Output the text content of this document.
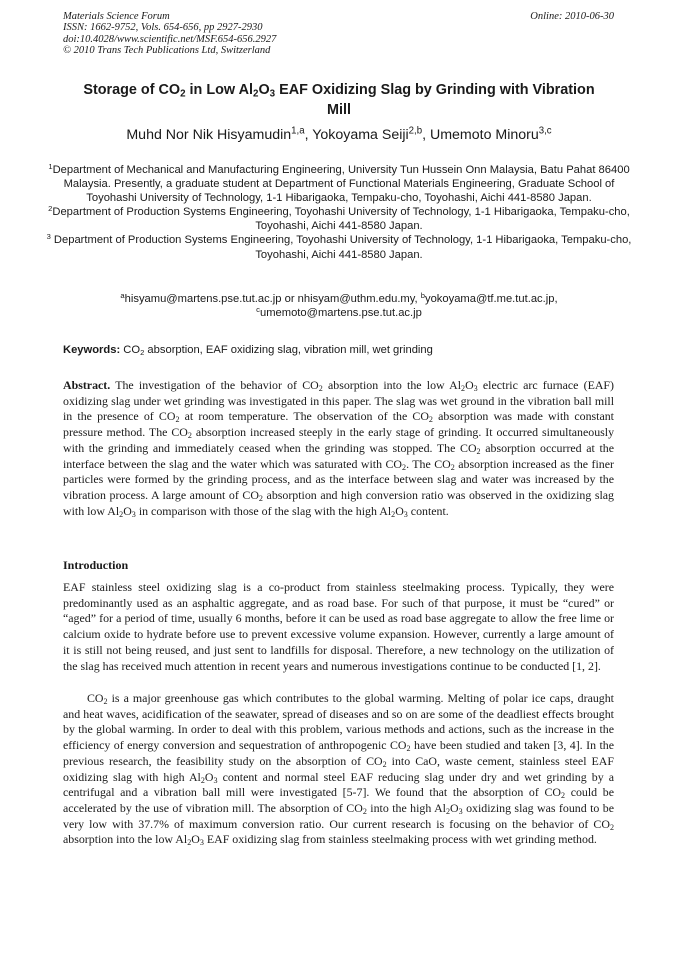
Materials Science Forum
ISSN: 1662-9752, Vols. 654-656, pp 2927-2930
doi:10.4028/www.scientific.net/MSF.654-656.2927
© 2010 Trans Tech Publications Ltd, Switzerland
Online: 2010-06-30
Storage of $CO_2$ in Low $Al_2O_3$ EAF Oxidizing Slag by Grinding with Vibration Mill
Muhd Nor Nik Hisyamudin$^{1,a}$, Yokoyama Seiji$^{2,b}$, Umemoto Minoru$^{3,c}$
$^1$Department of Mechanical and Manufacturing Engineering, University Tun Hussein Onn Malaysia, Batu Pahat 86400 Malaysia. Presently, a graduate student at Department of Functional Materials Engineering, Graduate School of Toyohashi University of Technology, 1-1 Hibarigaoka, Tempaku-cho, Toyohashi, Aichi 441-8580 Japan.
$^2$Department of Production Systems Engineering, Toyohashi University of Technology, 1-1 Hibarigaoka, Tempaku-cho, Toyohashi, Aichi 441-8580 Japan.
$^3$ Department of Production Systems Engineering, Toyohashi University of Technology, 1-1 Hibarigaoka, Tempaku-cho, Toyohashi, Aichi 441-8580 Japan.
$^a$hisyamu@martens.pse.tut.ac.jp or nhisyam@uthm.edu.my, $^b$yokoyama@tf.me.tut.ac.jp,
$^c$umemoto@martens.pse.tut.ac.jp
Keywords: $CO_2$ absorption, EAF oxidizing slag, vibration mill, wet grinding
Abstract. The investigation of the behavior of $CO_2$ absorption into the low $Al_2O_3$ electric arc furnace (EAF) oxidizing slag under wet grinding was investigated in this paper. The slag was wet ground in the vibration ball mill in the presence of $CO_2$ at room temperature. The observation of the $CO_2$ absorption was made with constant pressure method. The $CO_2$ absorption increased steeply in the early stage of grinding. It occurred simultaneously with the grinding and immediately ceased when the grinding was stopped. The $CO_2$ absorption occurred at the interface between the slag and the water which was saturated with $CO_2$. The $CO_2$ absorption increased as the finer particles were formed by the grinding process, and as the interface between slag and water was increased by the vibration process. A large amount of $CO_2$ absorption and high conversion ratio was observed in the oxidizing slag with low $Al_2O_3$ in comparison with those of the slag with the high $Al_2O_3$ content.
Introduction
EAF stainless steel oxidizing slag is a co-product from stainless steelmaking process. Typically, they were predominantly used as an asphaltic aggregate, and as road base. For such of that purpose, it must be “cured” or “aged” for a period of time, usually 6 months, before it can be used as road base aggregate to allow the free lime or calcium oxide to hydrate before use to prevent excessive volume expansion. However, currently a large amount of it is still not being reused, and just sent to landfills for disposal. Therefore, a new technology on the utilization of the slag has received much attention in recent years and numerous investigations continue to be conducted [1, 2].
$CO_2$ is a major greenhouse gas which contributes to the global warming. Melting of polar ice caps, draught and heat waves, acidification of the seawater, spread of diseases and so on are some of the deadliest effects brought by the global warming. In order to deal with this problem, various methods and actions, such as the increase in the efficiency of energy conversion and sequestration of anthropogenic $CO_2$ have been studied and taken [3, 4]. In the previous research, the feasibility study on the absorption of $CO_2$ into CaO, waste cement, stainless steel EAF oxidizing slag with high $Al_2O_3$ content and normal steel EAF reducing slag under dry and wet grinding by a centrifugal and a vibration ball mill were investigated [5-7]. We found that the absorption of $CO_2$ could be accelerated by the use of vibration mill. The absorption of $CO_2$ into the high $Al_2O_3$ oxidizing slag was found to be very low with 37.7% of maximum conversion ratio. Our current research is focusing on the behavior of $CO_2$ absorption into the low $Al_2O_3$ EAF oxidizing slag from stainless steelmaking process with wet grinding method.
